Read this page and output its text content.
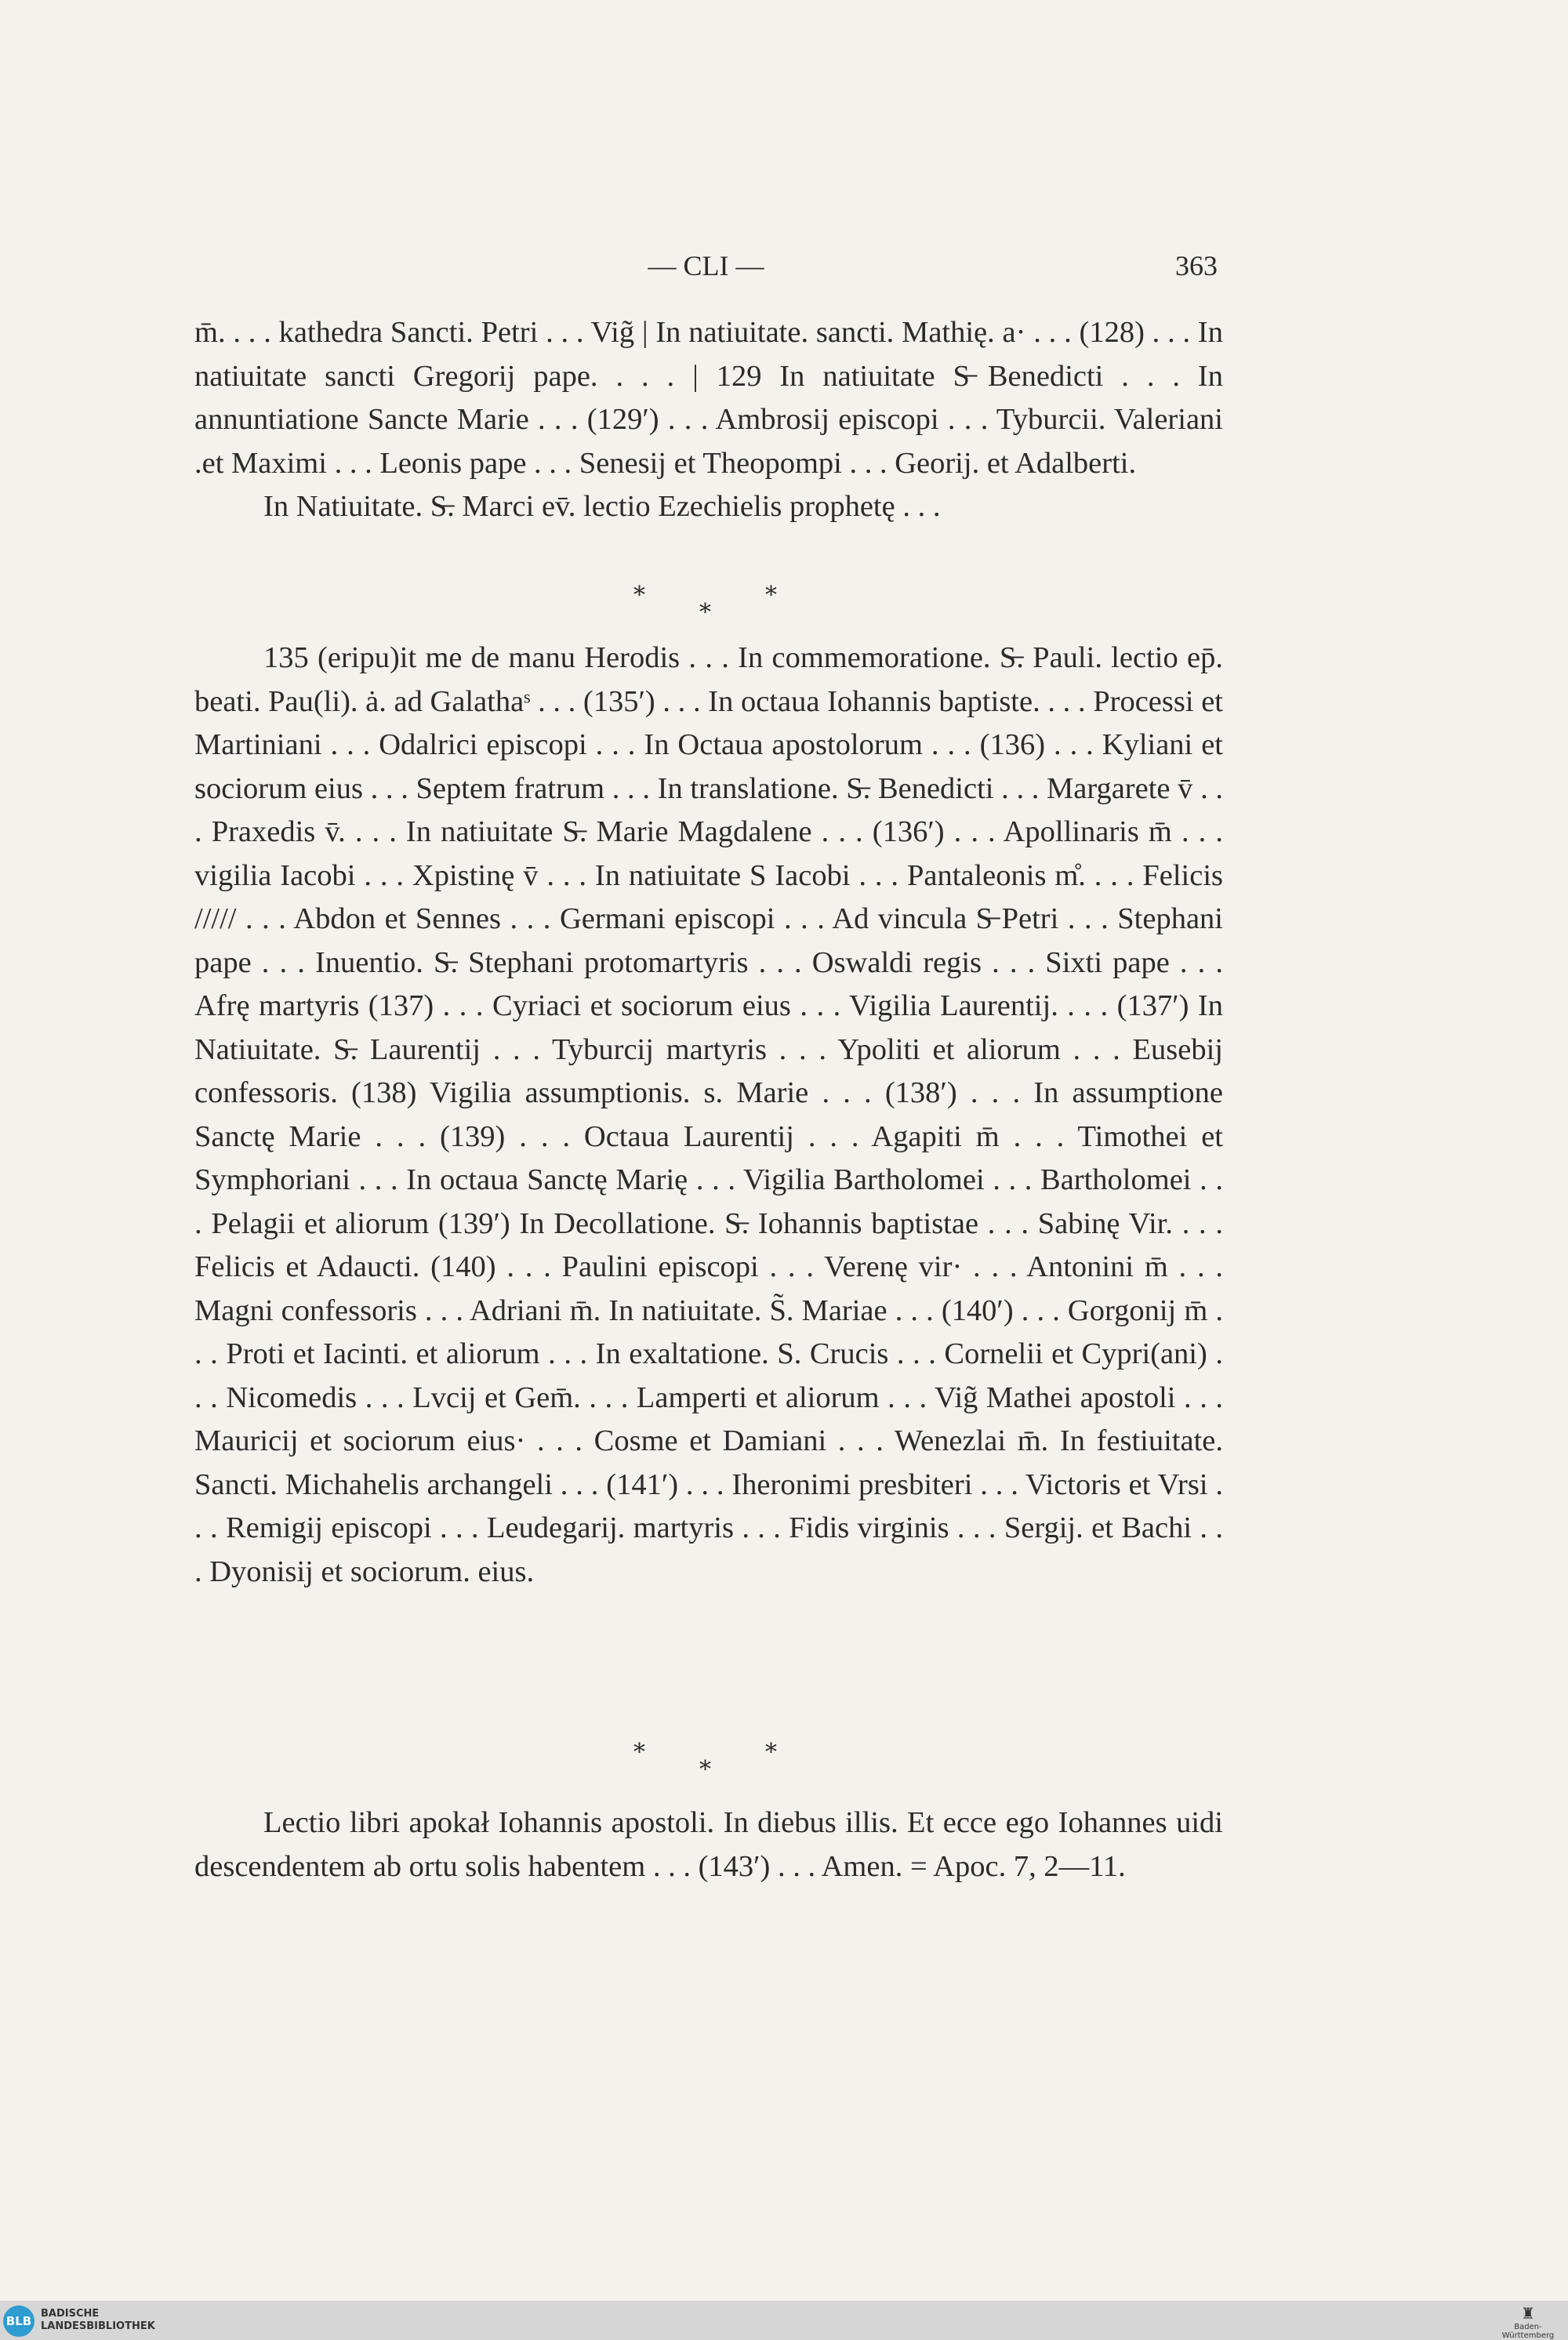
— CLI —	363

m̄. . . . kathedra Sancti. Petri . . . Vig̃ | In natiuitate. sancti. Mathię. a· . . . (128) . . . In natiuitate sancti Gregorij pape. . . . | 129 In natiuitate S̶ Benedicti . . . In annuntiatione Sancte Marie . . . (129′) . . . Ambrosij episcopi . . . Tyburcii. Valeriani .et Maximi . . . Leonis pape . . . Senesij et Theopompi . . . Georij. et Adalberti.

In Natiuitate. S̶. Marci ev̄. lectio Ezechielis prophetę . . .

*
*
*

135 (eripu)it me de manu Herodis . . . In commemoratione. S̶. Pauli. lectio ep̄. beati. Pau(li). ȧ. ad Galathaˢ . . . (135′) . . . In octaua Iohannis baptiste. . . . Processi et Martiniani . . . Odalrici episcopi . . . In Octaua apostolorum . . . (136) . . . Kyliani et sociorum eius . . . Septem fratrum . . . In translatione. S̶. Benedicti . . . Margarete v̄ . . . Praxedis v̄. . . . In natiuitate S̶. Marie Magdalene . . . (136′) . . . Apollinaris m̄ . . . vigilia Iacobi . . . Xpistinę v̄ . . . In natiuitate S Iacobi . . . Pantaleonis m̊. . . . Felicis ///// . . . Abdon et Sennes . . . Germani episcopi . . . Ad vincula S̶ Petri . . . Stephani pape . . . Inuentio. S̶. Stephani protomartyris . . . Oswaldi regis . . . Sixti pape . . . Afrę martyris (137) . . . Cyriaci et sociorum eius . . . Vigilia Laurentij. . . . (137′) In Natiuitate. S̶. Laurentij . . . Tyburcij martyris . . . Ypoliti et aliorum . . . Eusebij confessoris. (138) Vigilia assumptionis. s. Marie . . . (138′) . . . In assumptione Sanctę Marie . . . (139) . . . Octaua Laurentij . . . Agapiti m̄ . . . Timothei et Symphoriani . . . In octaua Sanctę Marię . . . Vigilia Bartholomei . . . Bartholomei . . . Pelagii et aliorum (139′) In Decollatione. S̶. Iohannis baptistae . . . Sabinę Vir. . . . Felicis et Adaucti. (140) . . . Paulini episcopi . . . Verenę vir· . . . Antonini m̄ . . . Magni confessoris . . . Adriani m̄. In natiuitate. S̃. Mariae . . . (140′) . . . Gorgonij m̄ . . . Proti et Iacinti. et aliorum . . . In exaltatione. S. Crucis . . . Cornelii et Cypri(ani) . . . Nicomedis . . . Lvcij et Gem̄. . . . Lamperti et aliorum . . . Vig̃ Mathei apostoli . . . Mauricij et sociorum eius· . . . Cosme et Damiani . . . Wenezlai m̄. In festiuitate. Sancti. Michahelis archangeli . . . (141′) . . . Iheronimi presbiteri . . . Victoris et Vrsi . . . Remigij episcopi . . . Leudegarij. martyris . . . Fidis virginis . . . Sergij. et Bachi . . . Dyonisij et sociorum. eius.

*
*
*

Lectio libri apokał Iohannis apostoli. In diebus illis. Et ecce ego Iohannes uidi descendentem ab ortu solis habentem . . . (143′) . . . Amen. = Apoc. 7, 2—11.

BLB
BADISCHE
LANDESBIBLIOTHEK
♜
Baden-Württemberg
